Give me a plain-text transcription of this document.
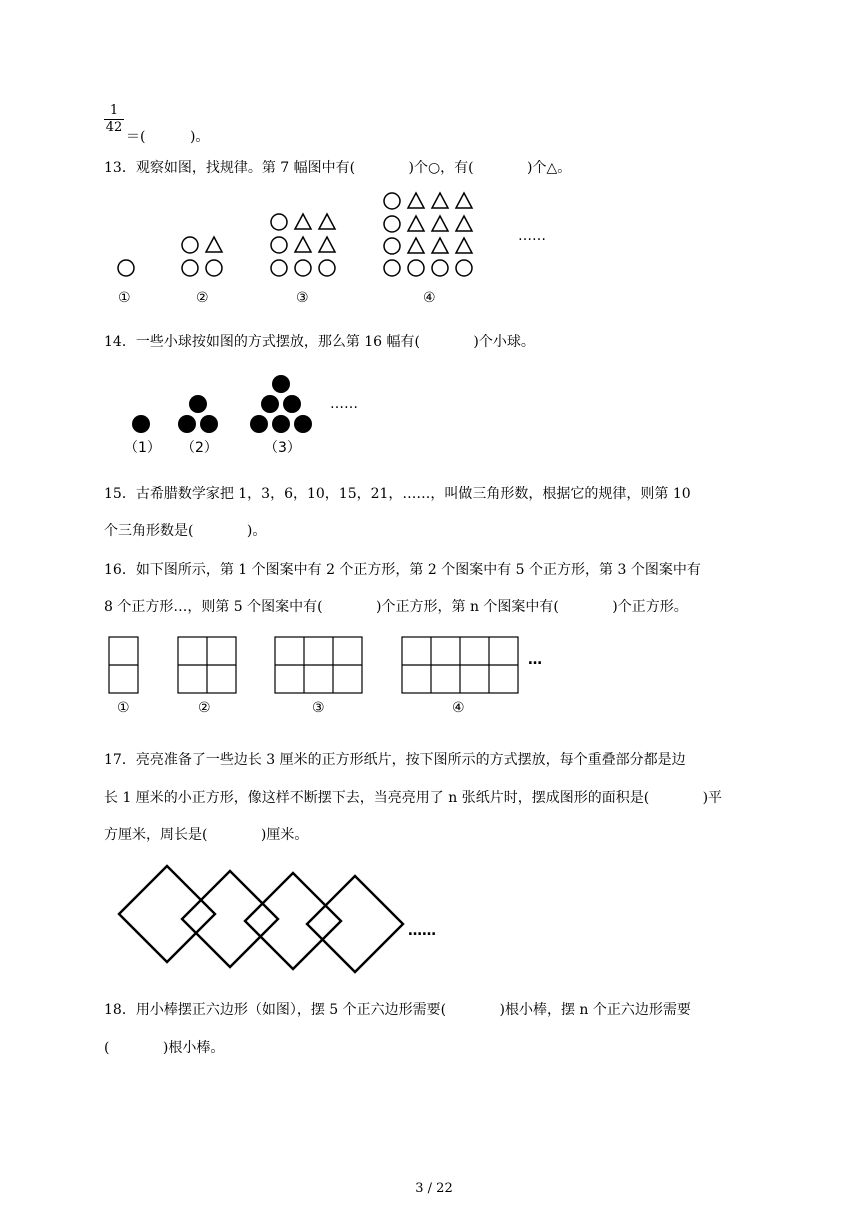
1
42
＝(          )。
13．观察如图，找规律。第 7 幅图中有(            )个○，有(            )个△。
14．一些小球按如图的方式摆放，那么第 16 幅有(            )个小球。
15．古希腊数学家把 1，3，6，10，15，21，……，叫做三角形数，根据它的规律，则第 10
个三角形数是(            )。
16．如下图所示，第 1 个图案中有 2 个正方形，第 2 个图案中有 5 个正方形，第 3 个图案中有
8 个正方形…，则第 5 个图案中有(            )个正方形，第 n 个图案中有(            )个正方形。
17．亮亮准备了一些边长 3 厘米的正方形纸片，按下图所示的方式摆放，每个重叠部分都是边
长 1 厘米的小正方形，像这样不断摆下去，当亮亮用了 n 张纸片时，摆成图形的面积是(            )平
方厘米，周长是(            )厘米。
18．用小棒摆正六边形（如图），摆 5 个正六边形需要(            )根小棒，摆 n 个正六边形需要
(            )根小棒。
……
①	②	③	④
……
（1） （2）	（3）
…
①	②	③	④
……
3 / 22
